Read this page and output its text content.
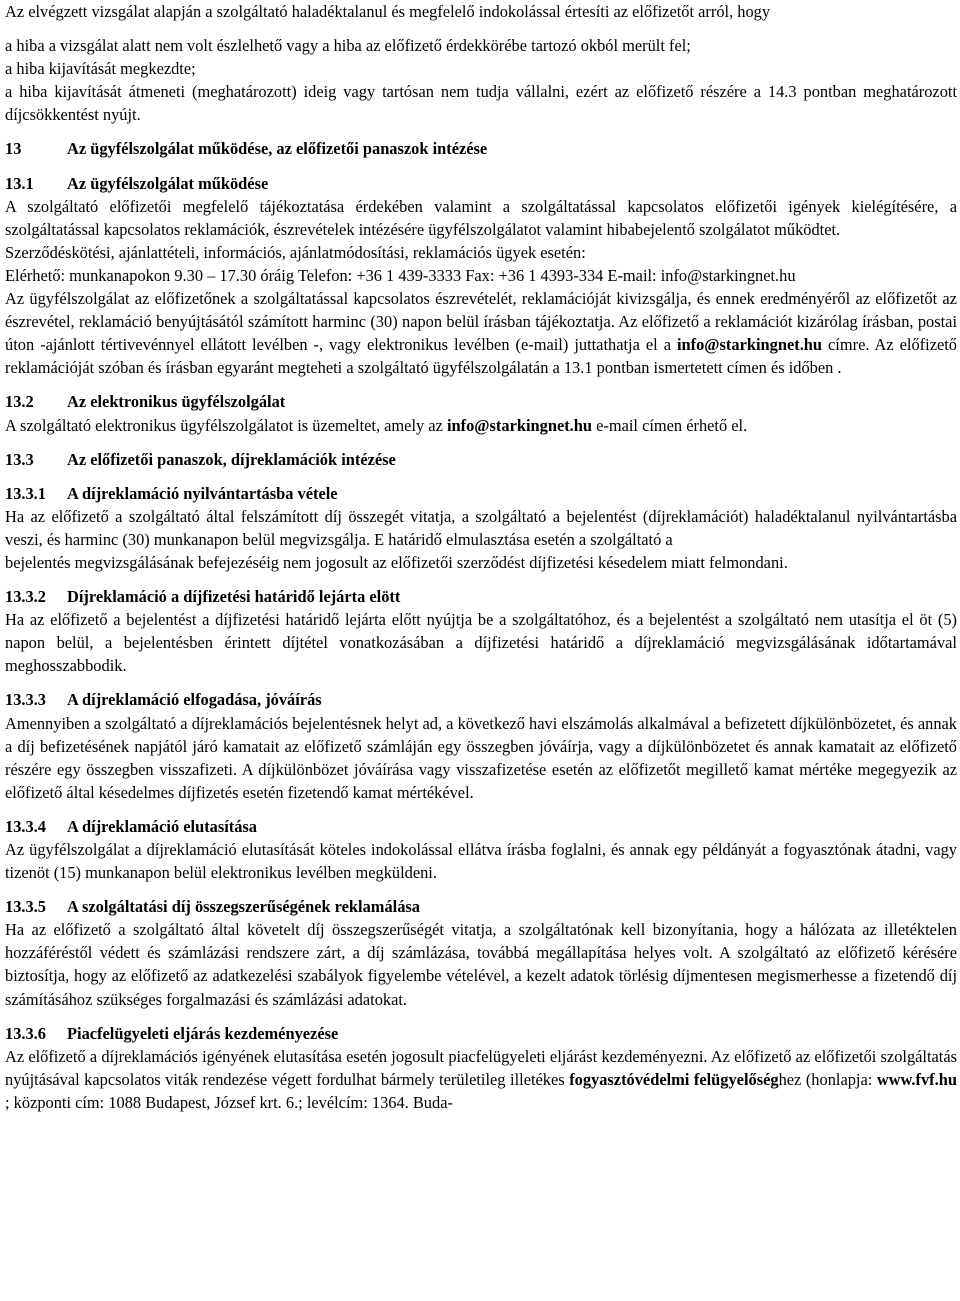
Az elvégzett vizsgálat alapján a szolgáltató haladéktalanul és megfelelő indokolással értesíti az előfizetőt arról, hogy

a hiba a vizsgálat alatt nem volt észlelhető vagy a hiba az előfizető érdekkörébe tartozó okból merült fel;

a hiba kijavítását megkezdte;

a hiba kijavítását átmeneti (meghatározott) ideig vagy tartósan nem tudja vállalni, ezért az előfizető részére a 14.3 pontban meghatározott díjcsökkentést nyújt.

13	Az ügyfélszolgálat működése, az előfizetői panaszok intézése

13.1 Az ügyfélszolgálat működése

A szolgáltató előfizetői megfelelő tájékoztatása érdekében valamint a szolgáltatással kapcsolatos előfizetői igények kielégítésére, a szolgáltatással kapcsolatos reklamációk, észrevételek intézésére ügyfélszolgálatot valamint hibabejelentő szolgálatot működtet.

Szerződéskötési, ajánlattételi, információs, ajánlatmódosítási, reklamációs ügyek esetén:

Elérhető: munkanapokon 9.30 – 17.30 óráig Telefon: +36 1 439-3333 Fax: +36 1 4393-334 E-mail: info@starkingnet.hu

Az ügyfélszolgálat az előfizetőnek a szolgáltatással kapcsolatos észrevételét, reklamációját kivizsgálja, és ennek eredményéről az előfizetőt az észrevétel, reklamáció benyújtásától számított harminc (30) napon belül írásban tájékoztatja. Az előfizető a reklamációt kizárólag írásban, postai úton -ajánlott tértivevénnyel ellátott levélben -, vagy elektronikus levélben (e-mail) juttathatja el a info@starkingnet.hu címre. Az előfizető reklamációját szóban és írásban egyaránt megteheti a szolgáltató ügyfélszolgálatán a 13.1 pontban ismertetett címen és időben .

13.2 Az elektronikus ügyfélszolgálat

A szolgáltató elektronikus ügyfélszolgálatot is üzemeltet, amely az info@starkingnet.hu e-mail címen érhető el.

13.3 Az előfizetői panaszok, díjreklamációk intézése

13.3.1 A díjreklamáció nyilvántartásba vétele

Ha az előfizető a szolgáltató által felszámított díj összegét vitatja, a szolgáltató a bejelentést (díjreklamációt) haladéktalanul nyilvántartásba veszi, és harminc (30) munkanapon belül megvizsgálja. E határidő elmulasztása esetén a szolgáltató a

bejelentés megvizsgálásának befejezéséig nem jogosult az előfizetői szerződést díjfizetési késedelem miatt felmondani.

13.3.2 Díjreklamáció a díjfizetési határidő lejárta elött

Ha az előfizető a bejelentést a díjfizetési határidő lejárta előtt nyújtja be a szolgáltatóhoz, és a bejelentést a szolgáltató nem utasítja el öt (5) napon belül, a bejelentésben érintett díjtétel vonatkozásában a díjfizetési határidő a díjreklamáció megvizsgálásának időtartamával meghosszabbodik.

13.3.3 A díjreklamáció elfogadása, jóváírás

Amennyiben a szolgáltató a díjreklamációs bejelentésnek helyt ad, a következő havi elszámolás alkalmával a befizetett díjkülönbözetet, és annak a díj befizetésének napjától járó kamatait az előfizető számláján egy összegben jóváírja, vagy a díjkülönbözetet és annak kamatait az előfizető részére egy összegben visszafizeti. A díjkülönbözet jóváírása vagy visszafizetése esetén az előfizetőt megillető kamat mértéke megegyezik az előfizető által késedelmes díjfizetés esetén fizetendő kamat mértékével.

13.3.4 A díjreklamáció elutasítása

Az ügyfélszolgálat a díjreklamáció elutasítását köteles indokolással ellátva írásba foglalni, és annak egy példányát a fogyasztónak átadni, vagy tizenöt (15) munkanapon belül elektronikus levélben megküldeni.

13.3.5 A szolgáltatási díj összegszerűségének reklamálása

Ha az előfizető a szolgáltató által követelt díj összegszerűségét vitatja, a szolgáltatónak kell bizonyítania, hogy a hálózata az illetéktelen hozzáféréstől védett és számlázási rendszere zárt, a díj számlázása, továbbá megállapítása helyes volt. A szolgáltató az előfizető kérésére biztosítja, hogy az előfizető az adatkezelési szabályok figyelembe vételével, a kezelt adatok törlésig díjmentesen megismerhesse a fizetendő díj számításához szükséges forgalmazási és számlázási adatokat.

13.3.6 Piacfelügyeleti eljárás kezdeményezése

Az előfizető a díjreklamációs igényének elutasítása esetén jogosult piacfelügyeleti eljárást kezdeményezni. Az előfizető az előfizetői szolgáltatás nyújtásával kapcsolatos viták rendezése végett fordulhat bármely területileg illetékes fogyasztóvédelmi felügyelőséghez (honlapja: www.fvf.hu ; központi cím: 1088 Budapest, József krt. 6.; levélcím: 1364. Buda-
